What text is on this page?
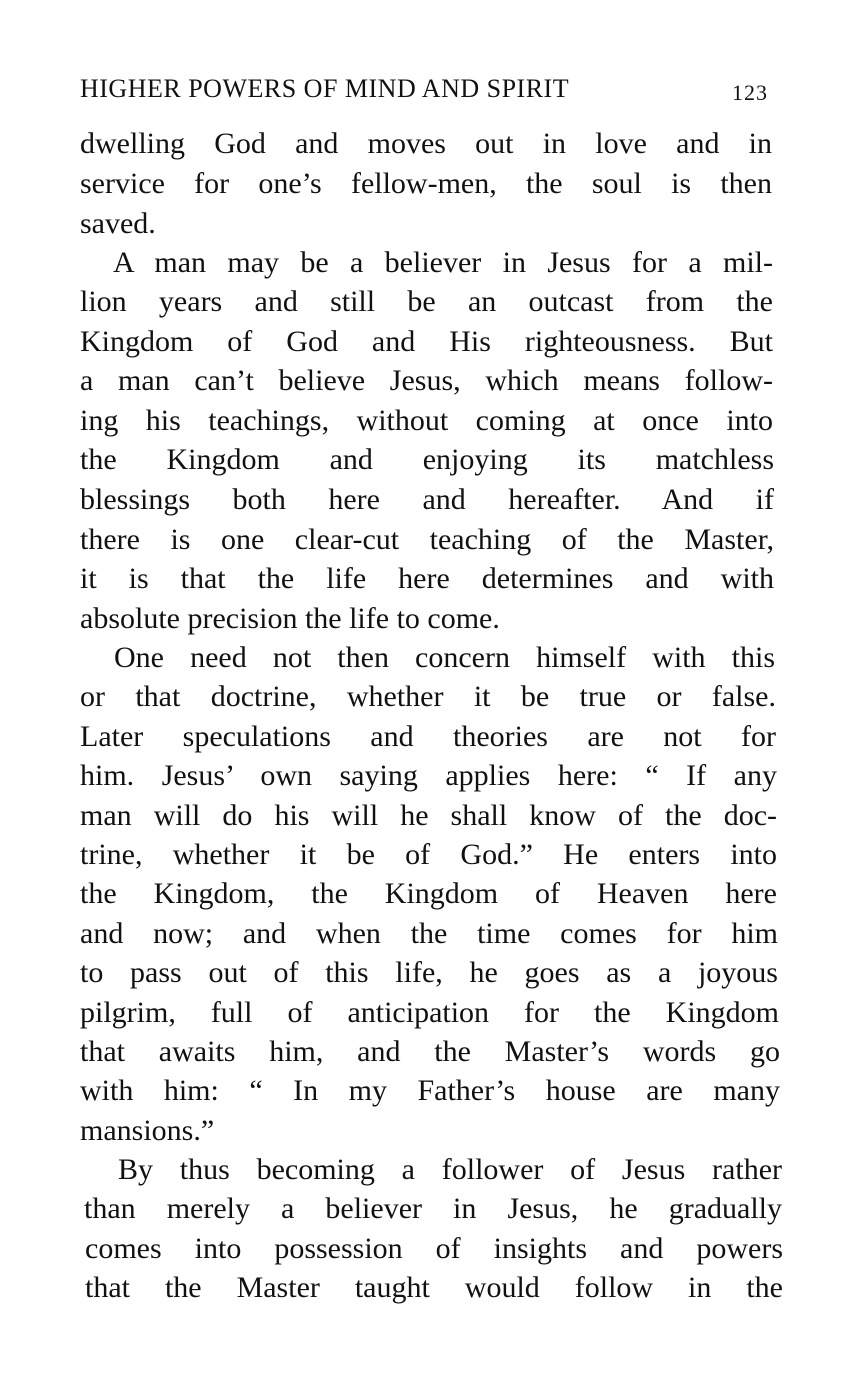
HIGHER POWERS OF MIND AND SPIRIT	123
dwelling God and moves out in love and in
service for one’s fellow-men, the soul is then
saved.
A man may be a believer in Jesus for a mil-
lion years and still be an outcast from the
Kingdom of God and His righteousness. But
a man can’t believe Jesus, which means follow-
ing his teachings, without coming at once into
the Kingdom and enjoying its matchless
blessings both here and hereafter. And if
there is one clear-cut teaching of the Master,
it is that the life here determines and with
absolute precision the life to come.
One need not then concern himself with this
or that doctrine, whether it be true or false.
Later speculations and theories are not for
him. Jesus’ own saying applies here: “ If any
man will do his will he shall know of the doc-
trine, whether it be of God.” He enters into
the Kingdom, the Kingdom of Heaven here
and now; and when the time comes for him
to pass out of this life, he goes as a joyous
pilgrim, full of anticipation for the Kingdom
that awaits him, and the Master’s words go
with him: “ In my Father’s house are many
mansions.”
By thus becoming a follower of Jesus rather
than merely a believer in Jesus, he gradually
comes into possession of insights and powers
that the Master taught would follow in the
